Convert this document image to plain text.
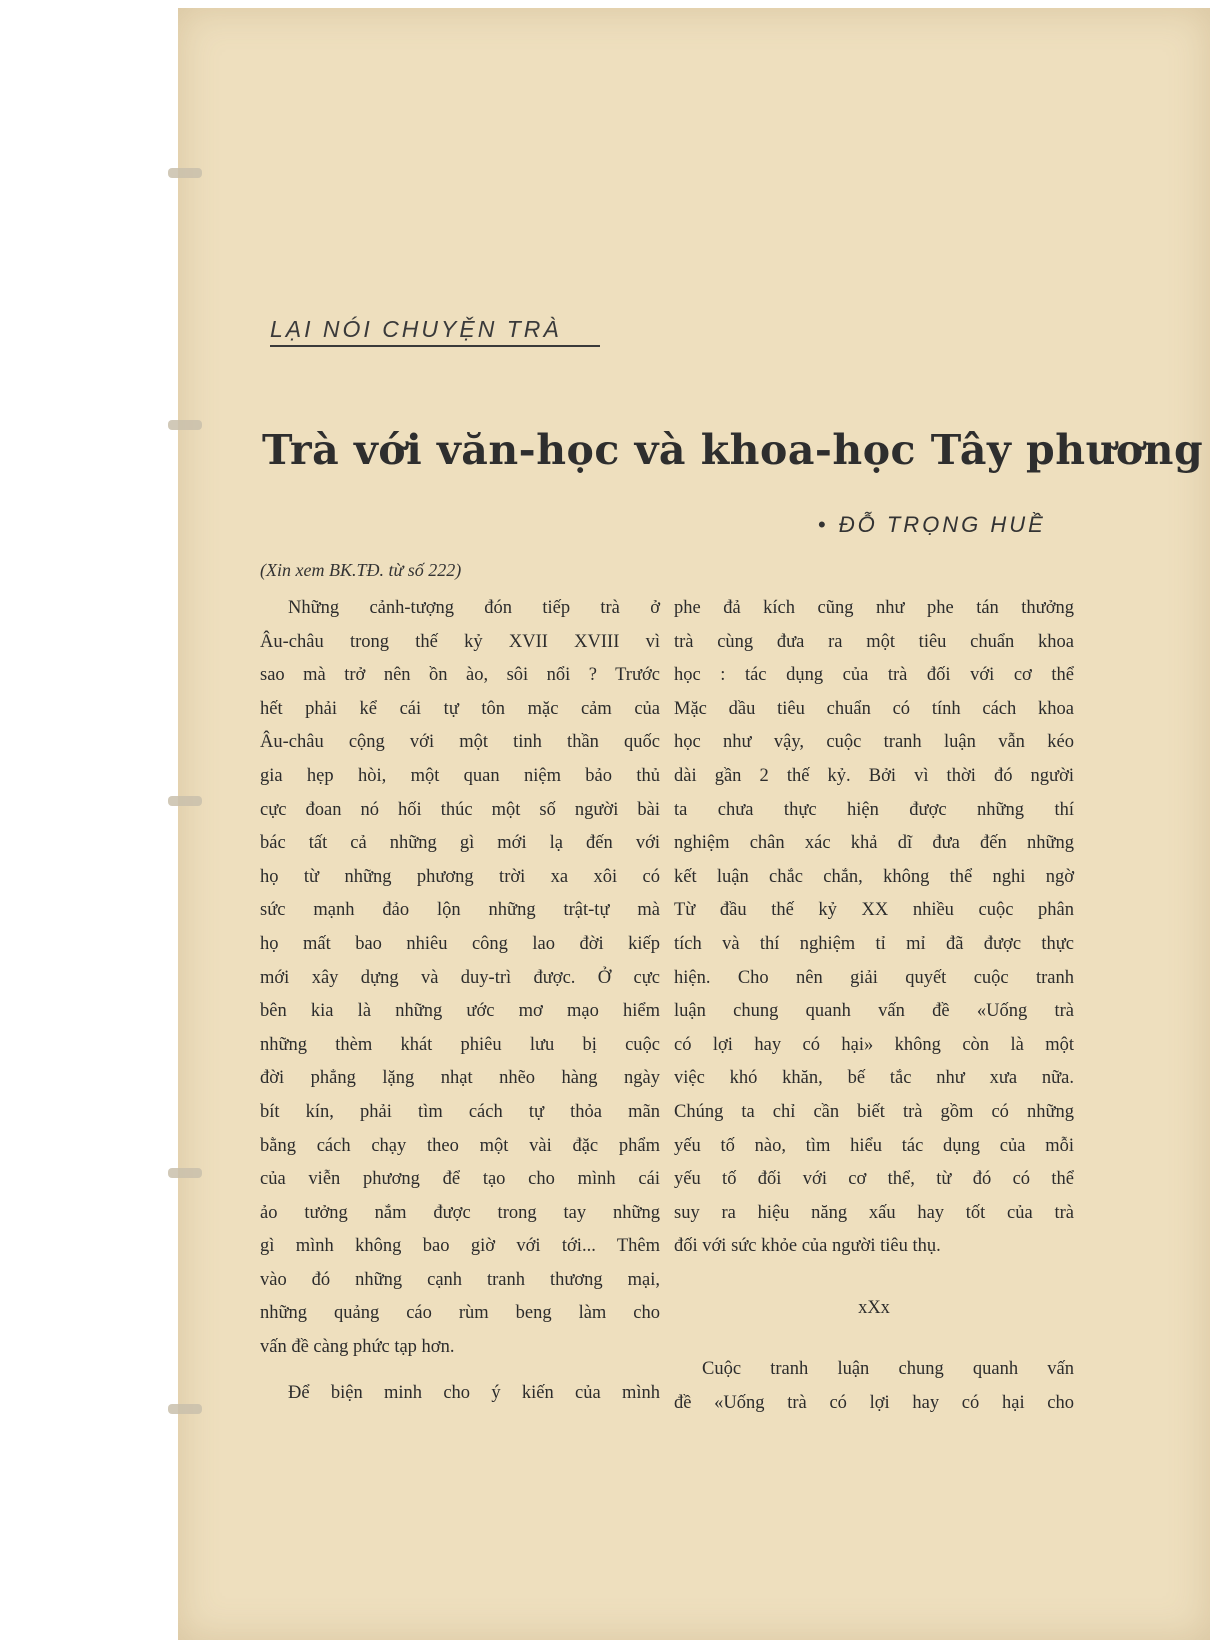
LẠI NÓI CHUYỆN TRÀ
Trà với văn-học và khoa-học Tây phương
• ĐỖ TRỌNG HUỀ
(Xin xem BK.TĐ. từ số 222)
Những cảnh-tượng đón tiếp trà ở
Âu-châu trong thế kỷ XVII XVIII vì
sao mà trở nên ồn ào, sôi nổi ? Trước
hết phải kể cái tự tôn mặc cảm của
Âu-châu cộng với một tinh thần quốc
gia hẹp hòi, một quan niệm bảo thủ
cực đoan nó hối thúc một số người bài
bác tất cả những gì mới lạ đến với
họ từ những phương trời xa xôi có
sức mạnh đảo lộn những trật-tự mà
họ mất bao nhiêu công lao đời kiếp
mới xây dựng và duy-trì được. Ở cực
bên kia là những ước mơ mạo hiểm
những thèm khát phiêu lưu bị cuộc
đời phẳng lặng nhạt nhẽo hàng ngày
bít kín, phải tìm cách tự thỏa mãn
bằng cách chạy theo một vài đặc phẩm
của viễn phương để tạo cho mình cái
ảo tưởng nắm được trong tay những
gì mình không bao giờ với tới... Thêm
vào đó những cạnh tranh thương mại,
những quảng cáo rùm beng làm cho
vấn đề càng phức tạp hơn.
Để biện minh cho ý kiến của mình
phe đả kích cũng như phe tán thưởng
trà cùng đưa ra một tiêu chuẩn khoa
học : tác dụng của trà đối với cơ thể
Mặc dầu tiêu chuẩn có tính cách khoa
học như vậy, cuộc tranh luận vẫn kéo
dài gần 2 thế kỷ. Bởi vì thời đó người
ta chưa thực hiện được những thí
nghiệm chân xác khả dĩ đưa đến những
kết luận chắc chắn, không thể nghi ngờ
Từ đầu thế kỷ XX nhiều cuộc phân
tích và thí nghiệm tỉ mỉ đã được thực
hiện. Cho nên giải quyết cuộc tranh
luận chung quanh vấn đề «Uống trà
có lợi hay có hại» không còn là một
việc khó khăn, bế tắc như xưa nữa.
Chúng ta chỉ cần biết trà gồm có những
yếu tố nào, tìm hiểu tác dụng của mỗi
yếu tố đối với cơ thể, từ đó có thể
suy ra hiệu năng xấu hay tốt của trà
đối với sức khỏe của người tiêu thụ.
xXx
Cuộc tranh luận chung quanh vấn
đề «Uống trà có lợi hay có hại cho
